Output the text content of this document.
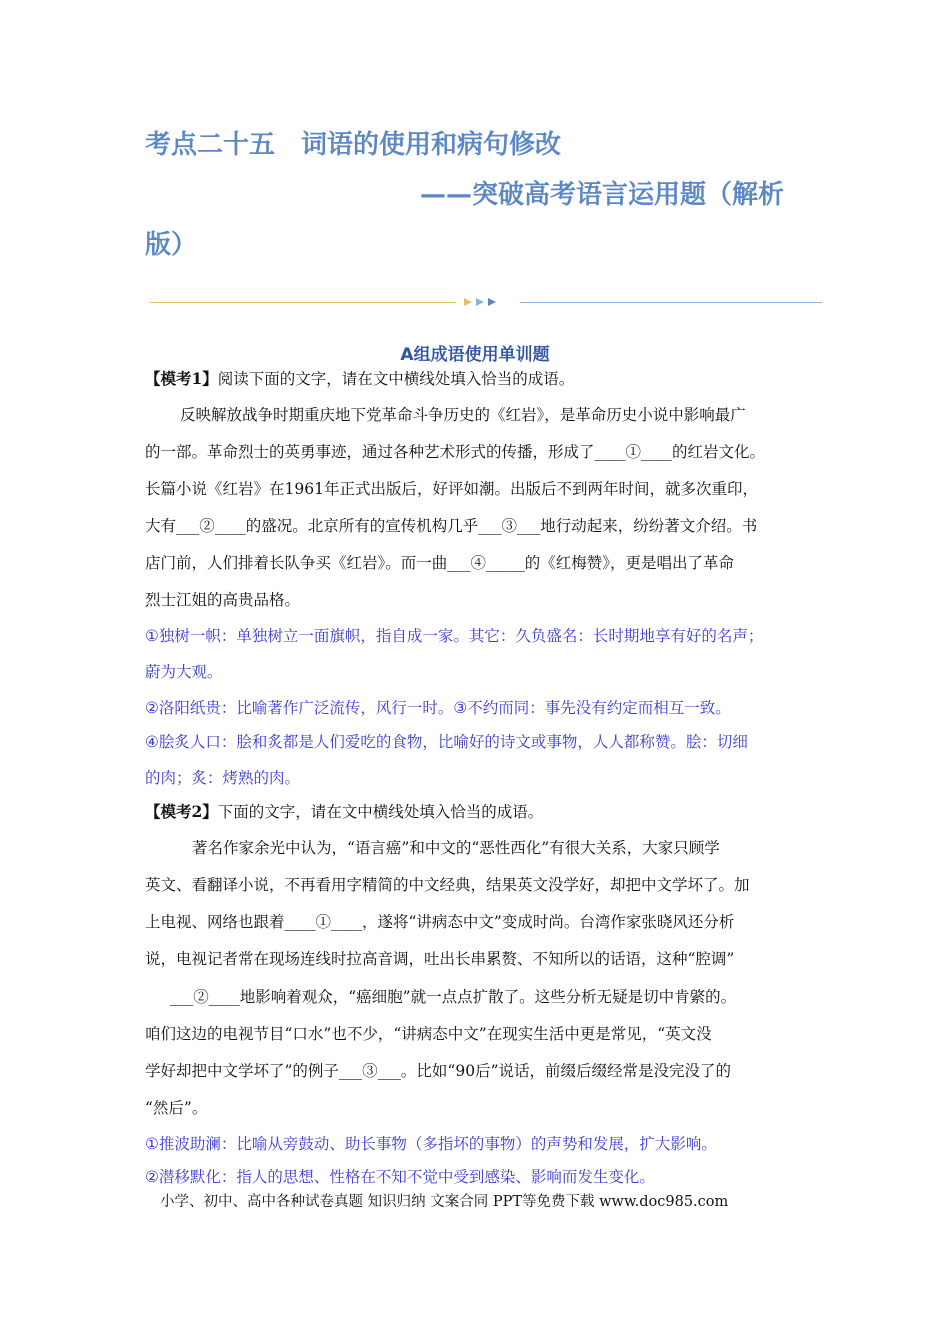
考点二十五　词语的使用和病句修改
——突破高考语言运用题（解析
版）
A组成语使用单训题
【模考1】阅读下面的文字，请在文中横线处填入恰当的成语。
反映解放战争时期重庆地下党革命斗争历史的《红岩》，是革命历史小说中影响最广
的一部。革命烈士的英勇事迹，通过各种艺术形式的传播，形成了____①____的红岩文化。
长篇小说《红岩》在1961年正式出版后，好评如潮。出版后不到两年时间，就多次重印，
大有___②____的盛况。北京所有的宣传机构几乎___③___地行动起来，纷纷著文介绍。书
店门前，人们排着长队争买《红岩》。而一曲___④_____的《红梅赞》，更是唱出了革命
烈士江姐的高贵品格。
①独树一帜：单独树立一面旗帜，指自成一家。其它：久负盛名：长时期地享有好的名声；
蔚为大观。
②洛阳纸贵：比喻著作广泛流传，风行一时。③不约而同：事先没有约定而相互一致。
④脍炙人口：脍和炙都是人们爱吃的食物，比喻好的诗文或事物，人人都称赞。脍：切细
的肉；炙：烤熟的肉。
【模考2】下面的文字，请在文中横线处填入恰当的成语。
著名作家余光中认为，“语言癌”和中文的“恶性西化”有很大关系，大家只顾学
英文、看翻译小说，不再看用字精简的中文经典，结果英文没学好，却把中文学坏了。加
上电视、网络也跟着____①____，遂将“讲病态中文”变成时尚。台湾作家张晓风还分析
说，电视记者常在现场连线时拉高音调，吐出长串累赘、不知所以的话语，这种“腔调”
___②____地影响着观众，“癌细胞”就一点点扩散了。这些分析无疑是切中肯綮的。
咱们这边的电视节目“口水”也不少，“讲病态中文”在现实生活中更是常见，“英文没
学好却把中文学坏了”的例子___③___。比如“90后”说话，前缀后缀经常是没完没了的
“然后”。
①推波助澜：比喻从旁鼓动、助长事物（多指坏的事物）的声势和发展，扩大影响。
②潜移默化：指人的思想、性格在不知不觉中受到感染、影响而发生变化。
小学、初中、高中各种试卷真题 知识归纳 文案合同 PPT等免费下载 www.doc985.com
